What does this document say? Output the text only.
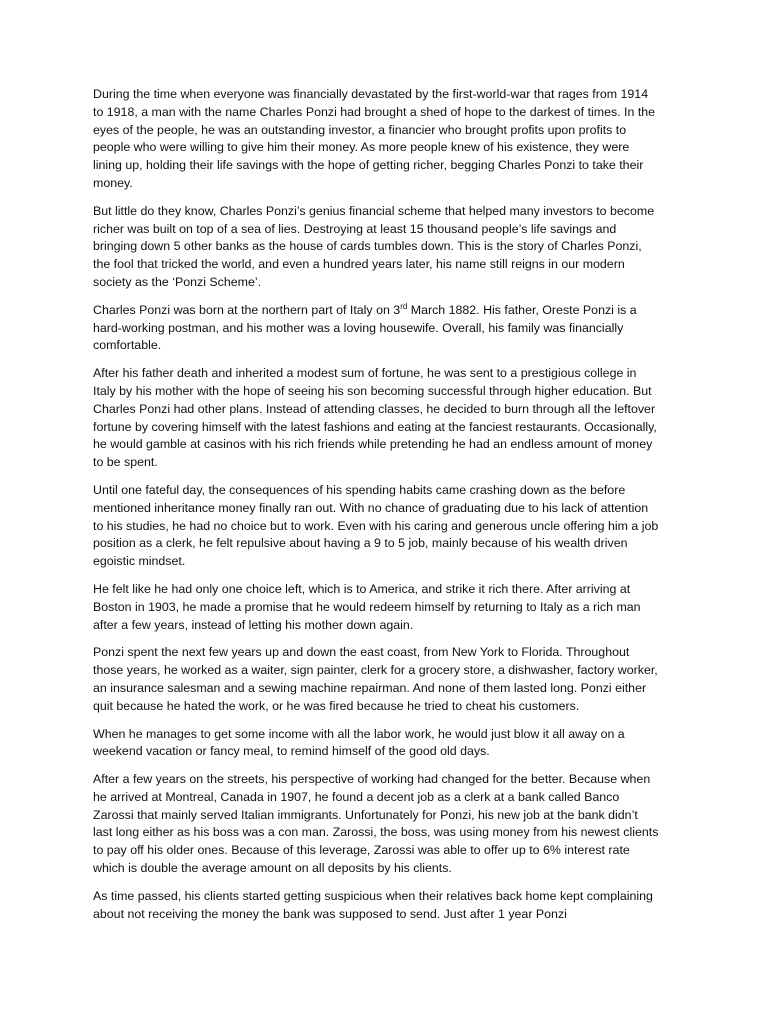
During the time when everyone was financially devastated by the first-world-war that rages from 1914 to 1918, a man with the name Charles Ponzi had brought a shed of hope to the darkest of times. In the eyes of the people, he was an outstanding investor, a financier who brought profits upon profits to people who were willing to give him their money. As more people knew of his existence, they were lining up, holding their life savings with the hope of getting richer, begging Charles Ponzi to take their money.

But little do they know, Charles Ponzi’s genius financial scheme that helped many investors to become richer was built on top of a sea of lies. Destroying at least 15 thousand people’s life savings and bringing down 5 other banks as the house of cards tumbles down. This is the story of Charles Ponzi, the fool that tricked the world, and even a hundred years later, his name still reigns in our modern society as the ‘Ponzi Scheme’.

Charles Ponzi was born at the northern part of Italy on 3rd March 1882. His father, Oreste Ponzi is a hard-working postman, and his mother was a loving housewife. Overall, his family was financially comfortable.

After his father death and inherited a modest sum of fortune, he was sent to a prestigious college in Italy by his mother with the hope of seeing his son becoming successful through higher education. But Charles Ponzi had other plans. Instead of attending classes, he decided to burn through all the leftover fortune by covering himself with the latest fashions and eating at the fanciest restaurants. Occasionally, he would gamble at casinos with his rich friends while pretending he had an endless amount of money to be spent.

Until one fateful day, the consequences of his spending habits came crashing down as the before mentioned inheritance money finally ran out. With no chance of graduating due to his lack of attention to his studies, he had no choice but to work. Even with his caring and generous uncle offering him a job position as a clerk, he felt repulsive about having a 9 to 5 job, mainly because of his wealth driven egoistic mindset.

He felt like he had only one choice left, which is to America, and strike it rich there. After arriving at Boston in 1903, he made a promise that he would redeem himself by returning to Italy as a rich man after a few years, instead of letting his mother down again.

Ponzi spent the next few years up and down the east coast, from New York to Florida. Throughout those years, he worked as a waiter, sign painter, clerk for a grocery store, a dishwasher, factory worker, an insurance salesman and a sewing machine repairman. And none of them lasted long. Ponzi either quit because he hated the work, or he was fired because he tried to cheat his customers.

When he manages to get some income with all the labor work, he would just blow it all away on a weekend vacation or fancy meal, to remind himself of the good old days.

After a few years on the streets, his perspective of working had changed for the better. Because when he arrived at Montreal, Canada in 1907, he found a decent job as a clerk at a bank called Banco Zarossi that mainly served Italian immigrants. Unfortunately for Ponzi, his new job at the bank didn’t last long either as his boss was a con man. Zarossi, the boss, was using money from his newest clients to pay off his older ones. Because of this leverage, Zarossi was able to offer up to 6% interest rate which is double the average amount on all deposits by his clients.

As time passed, his clients started getting suspicious when their relatives back home kept complaining about not receiving the money the bank was supposed to send. Just after 1 year Ponzi
